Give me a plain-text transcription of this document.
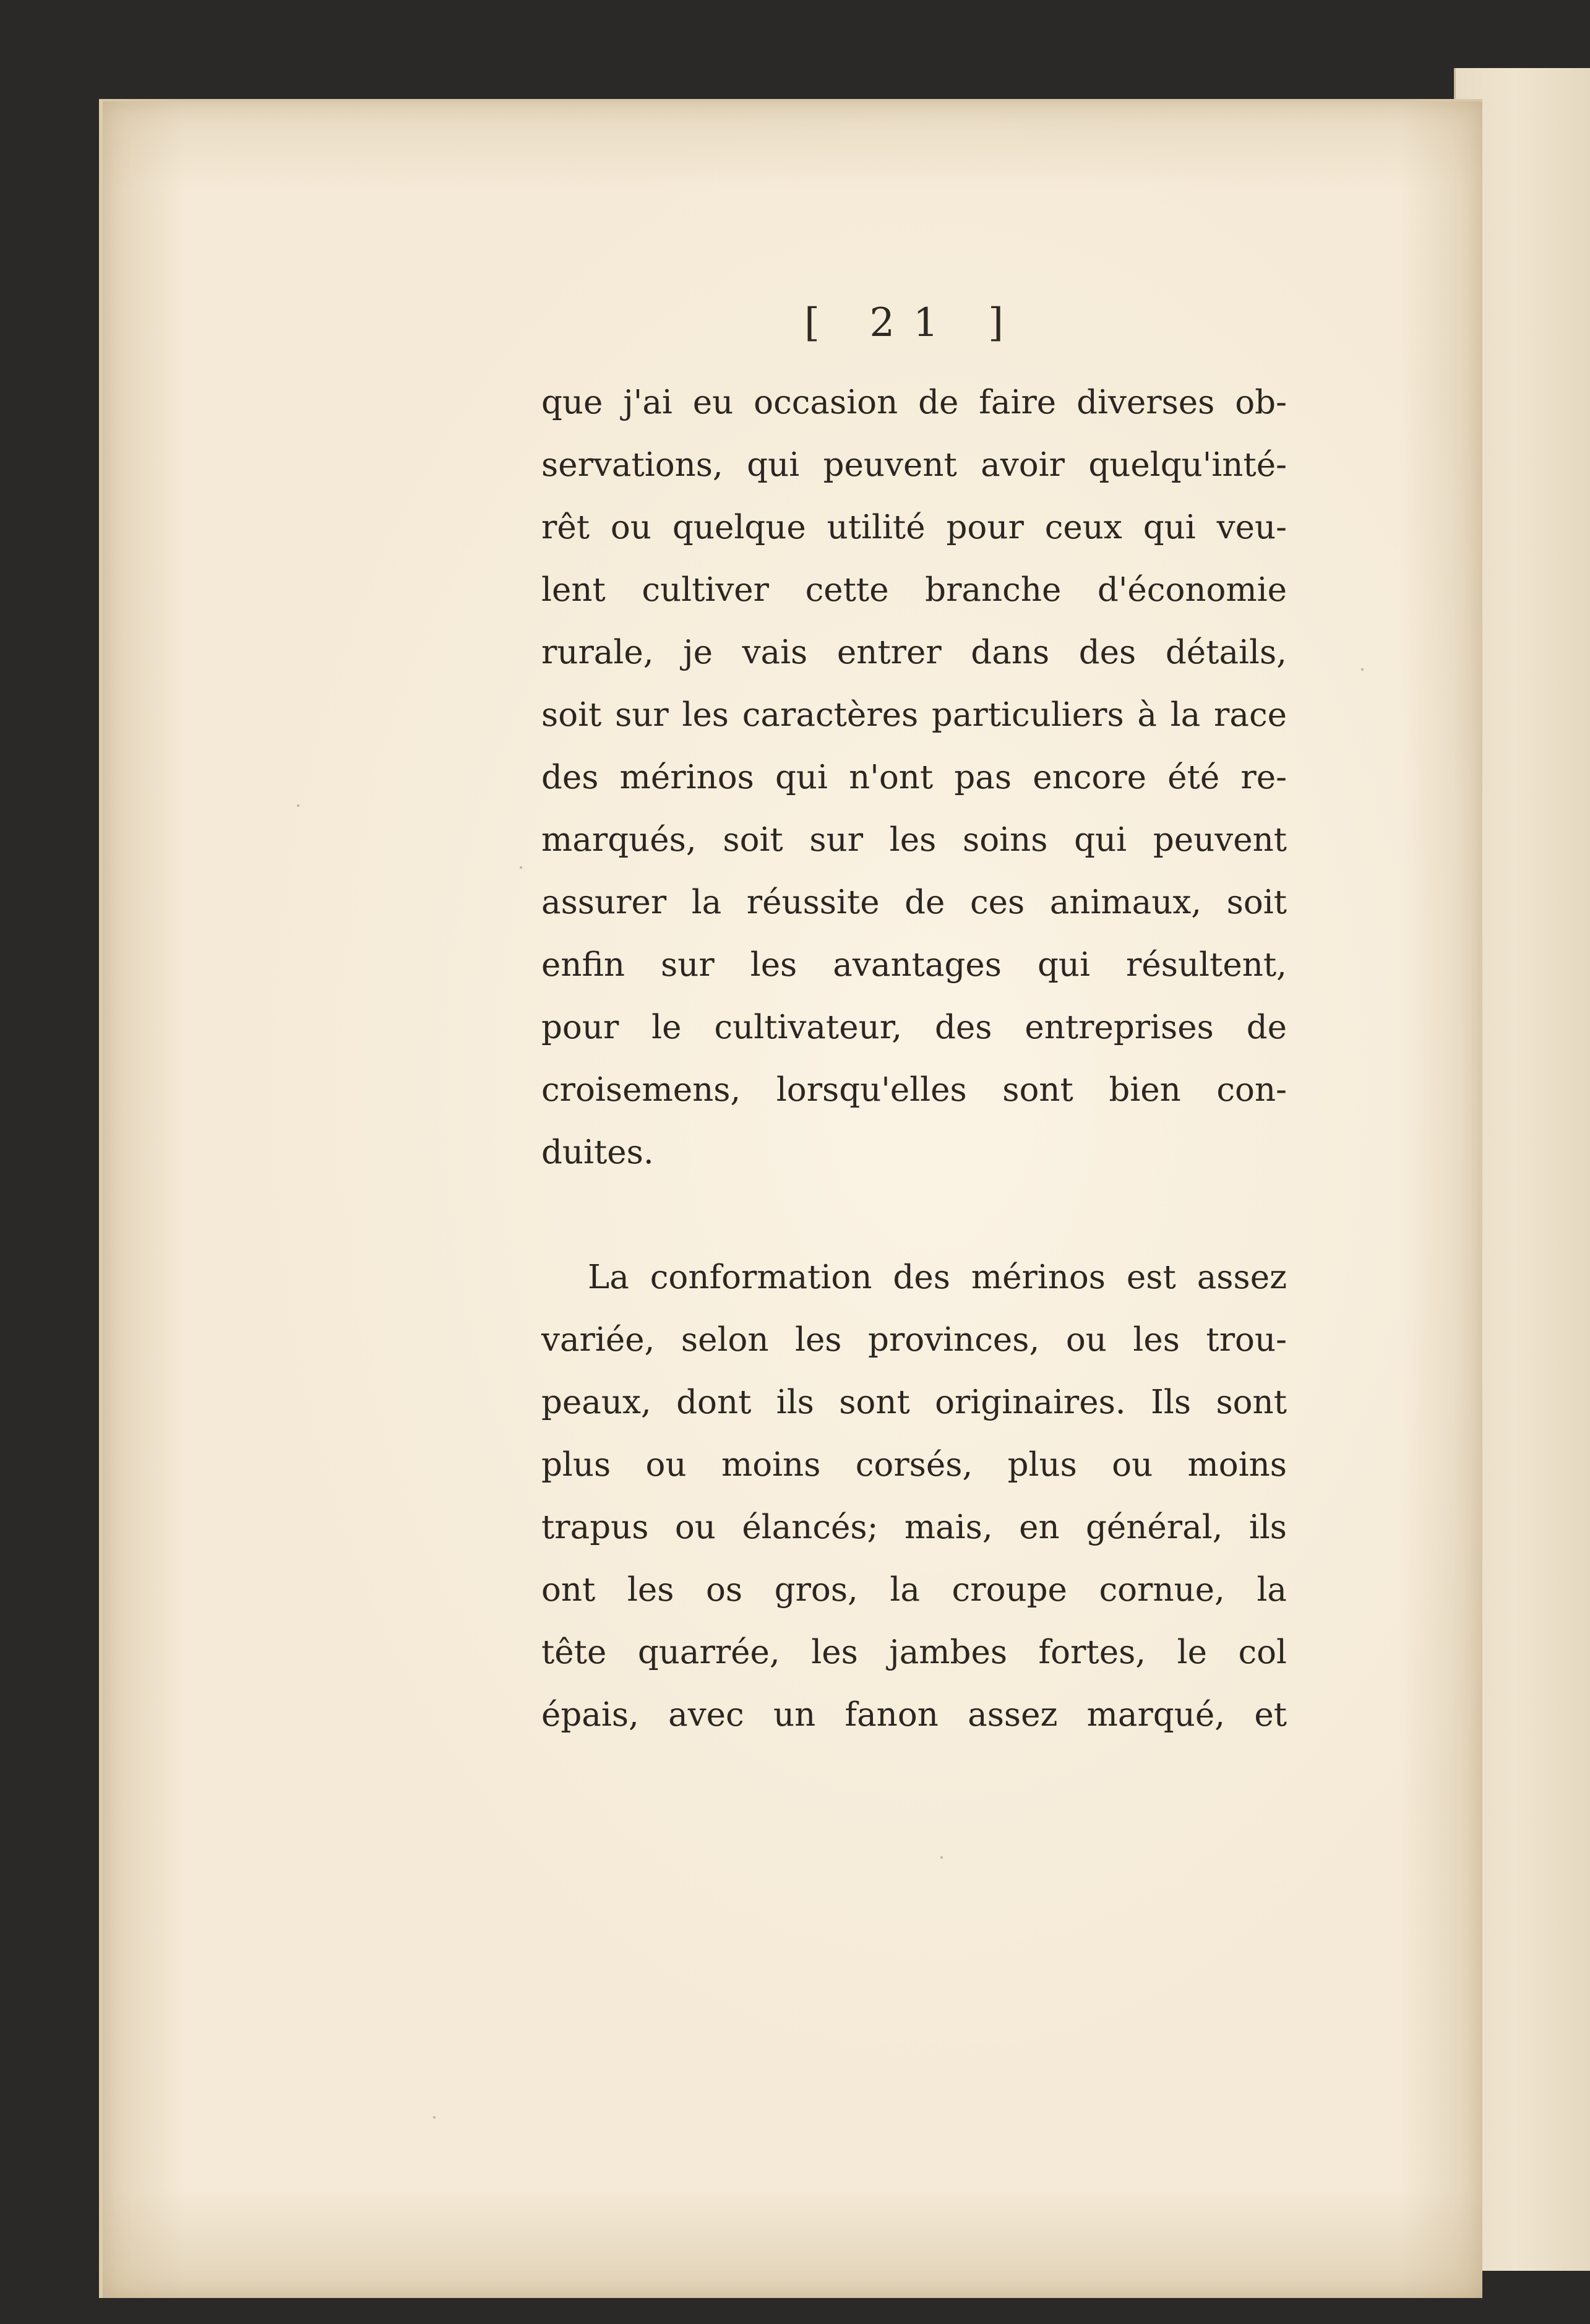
[ 21 ]
que j'ai eu occasion de faire diverses ob-
servations, qui peuvent avoir quelqu'inté-
rêt ou quelque utilité pour ceux qui veu-
lent cultiver cette branche d'économie
rurale, je vais entrer dans des détails,
soit sur les caractères particuliers à la race
des mérinos qui n'ont pas encore été re-
marqués, soit sur les soins qui peuvent
assurer la réussite de ces animaux, soit
enfin sur les avantages qui résultent,
pour le cultivateur, des entreprises de
croisemens, lorsqu'elles sont bien con-
duites.
La conformation des mérinos est assez
variée, selon les provinces, ou les trou-
peaux, dont ils sont originaires. Ils sont
plus ou moins corsés, plus ou moins
trapus ou élancés; mais, en général, ils
ont les os gros, la croupe cornue, la
tête quarrée, les jambes fortes, le col
épais, avec un fanon assez marqué, et
